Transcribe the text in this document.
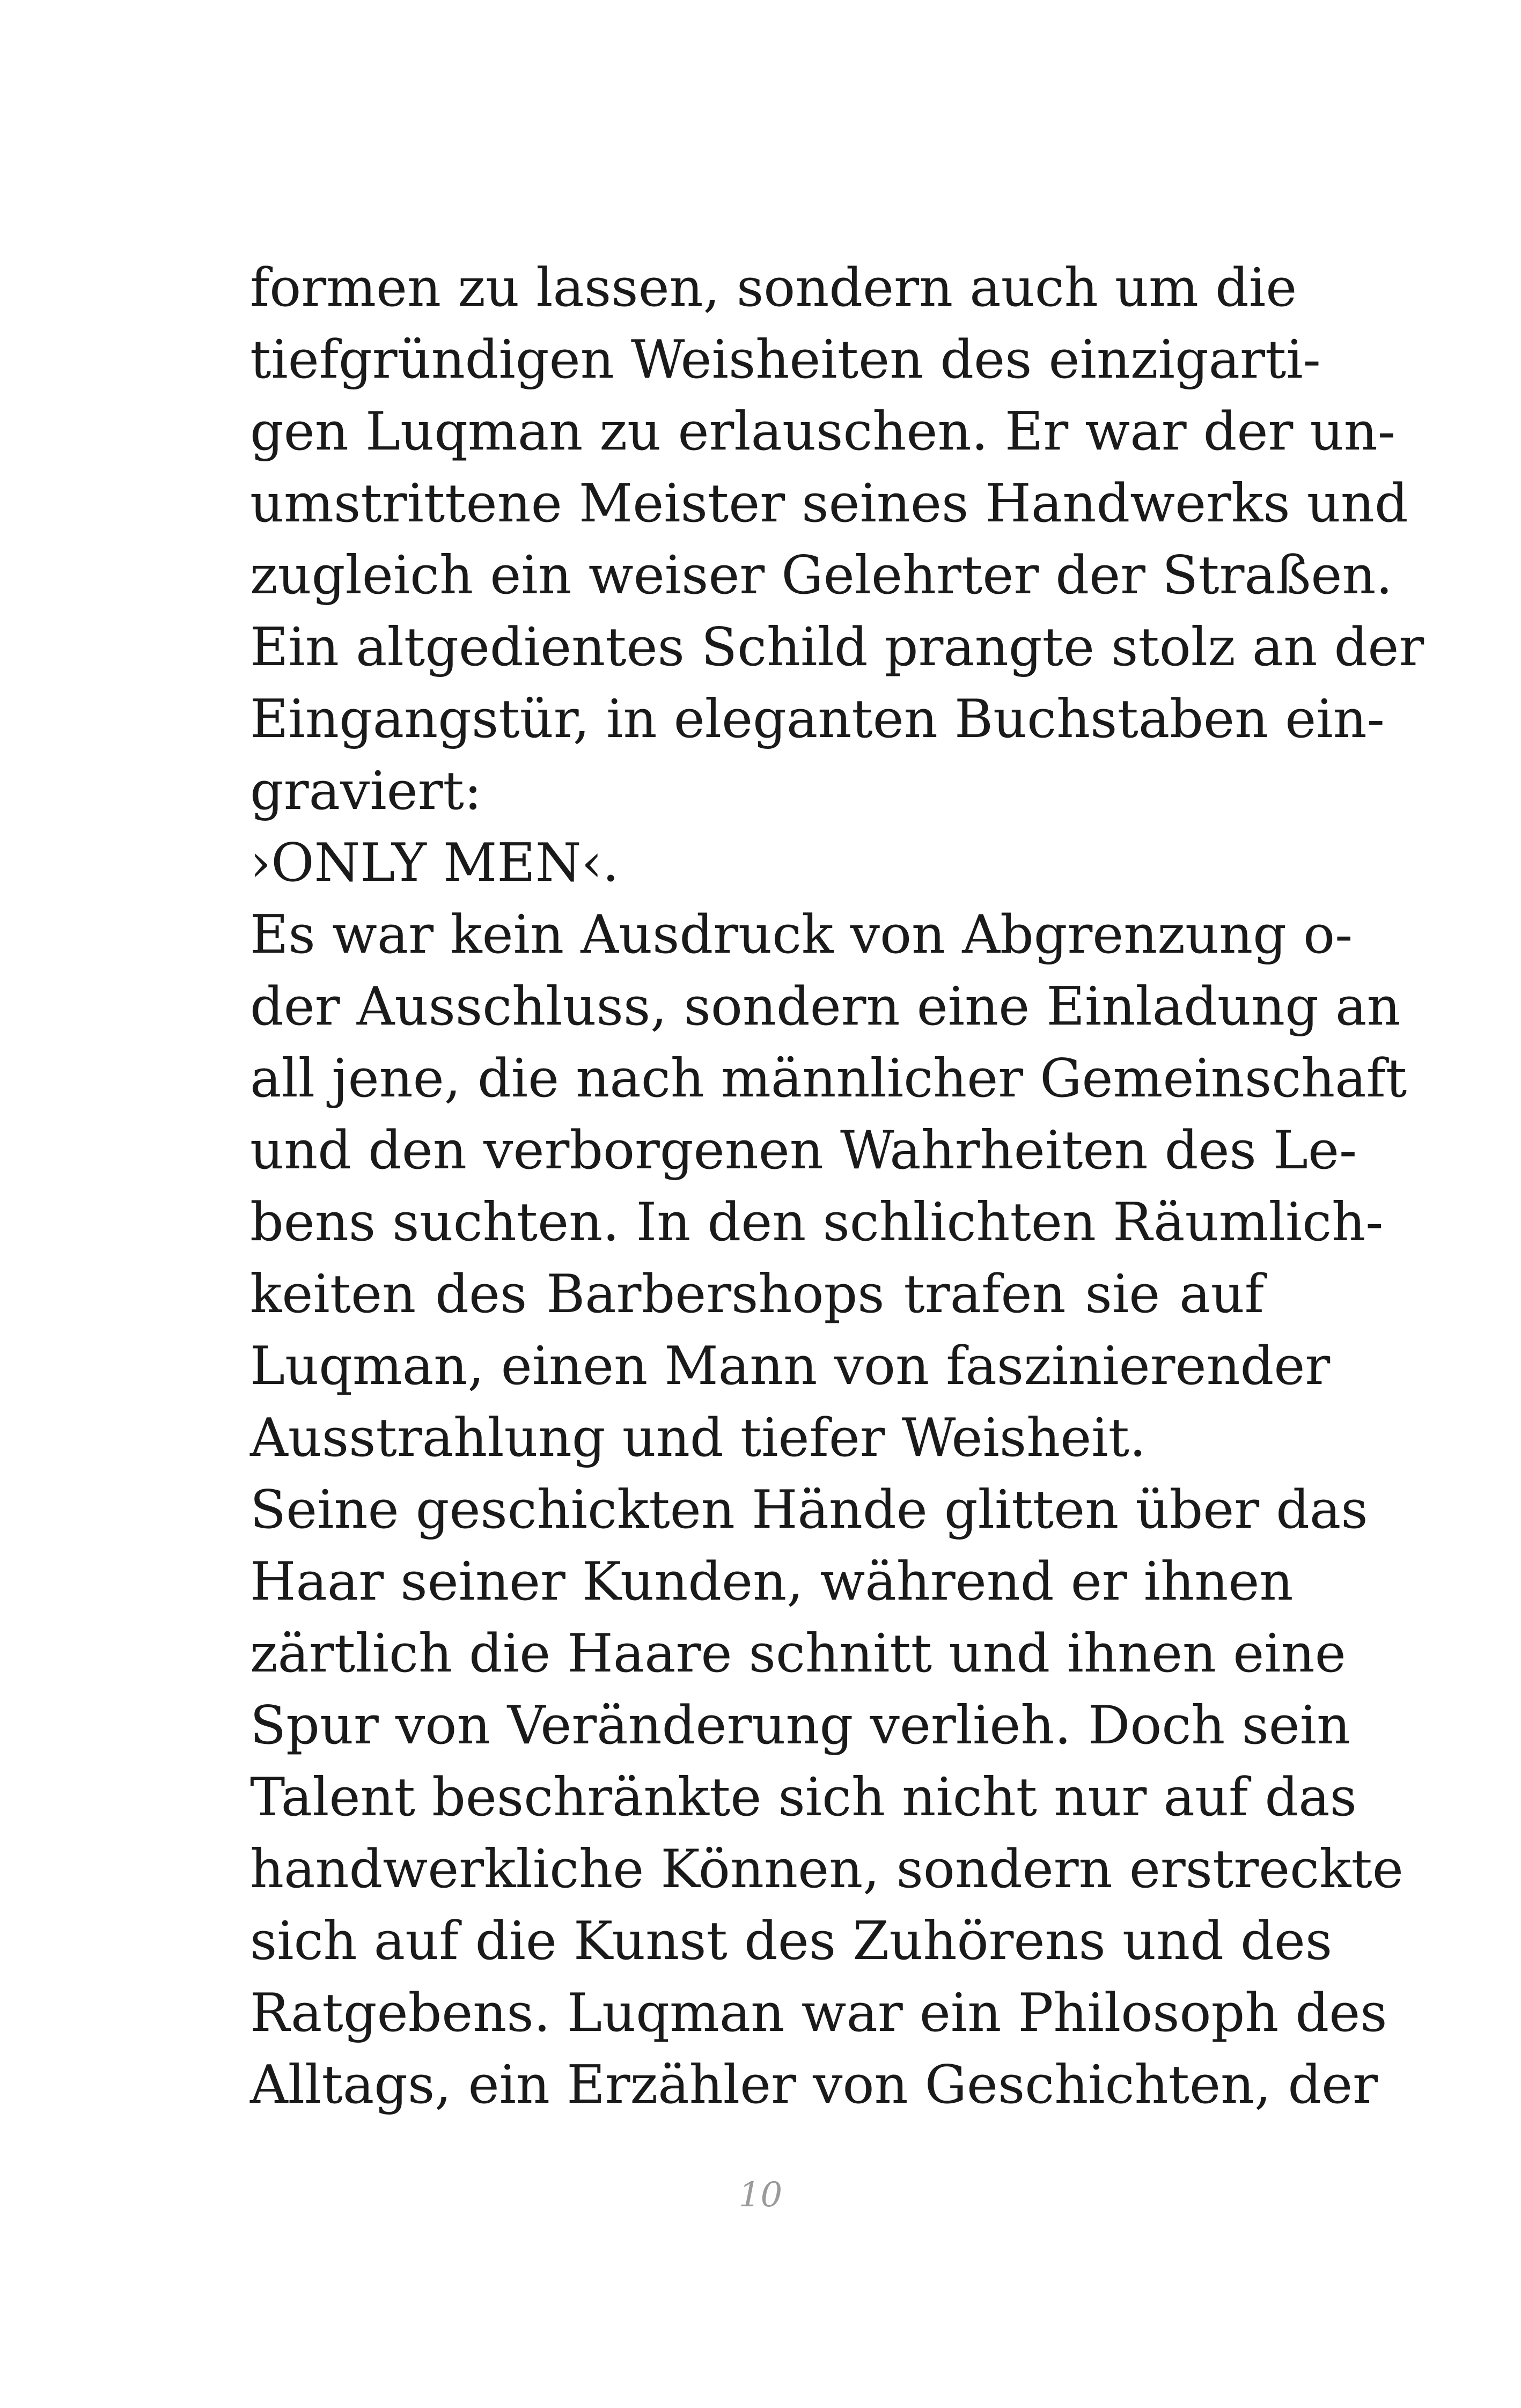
formen zu lassen, sondern auch um die
tiefgründigen Weisheiten des einzigarti-
gen Luqman zu erlauschen. Er war der un-
umstrittene Meister seines Handwerks und
zugleich ein weiser Gelehrter der Straßen.
Ein altgedientes Schild prangte stolz an der
Eingangstür, in eleganten Buchstaben ein-
graviert:
›ONLY MEN‹.
Es war kein Ausdruck von Abgrenzung o-
der Ausschluss, sondern eine Einladung an
all jene, die nach männlicher Gemeinschaft
und den verborgenen Wahrheiten des Le-
bens suchten. In den schlichten Räumlich-
keiten des Barbershops trafen sie auf
Luqman, einen Mann von faszinierender
Ausstrahlung und tiefer Weisheit.
Seine geschickten Hände glitten über das
Haar seiner Kunden, während er ihnen
zärtlich die Haare schnitt und ihnen eine
Spur von Veränderung verlieh. Doch sein
Talent beschränkte sich nicht nur auf das
handwerkliche Können, sondern erstreckte
sich auf die Kunst des Zuhörens und des
Ratgebens. Luqman war ein Philosoph des
Alltags, ein Erzähler von Geschichten, der
10
